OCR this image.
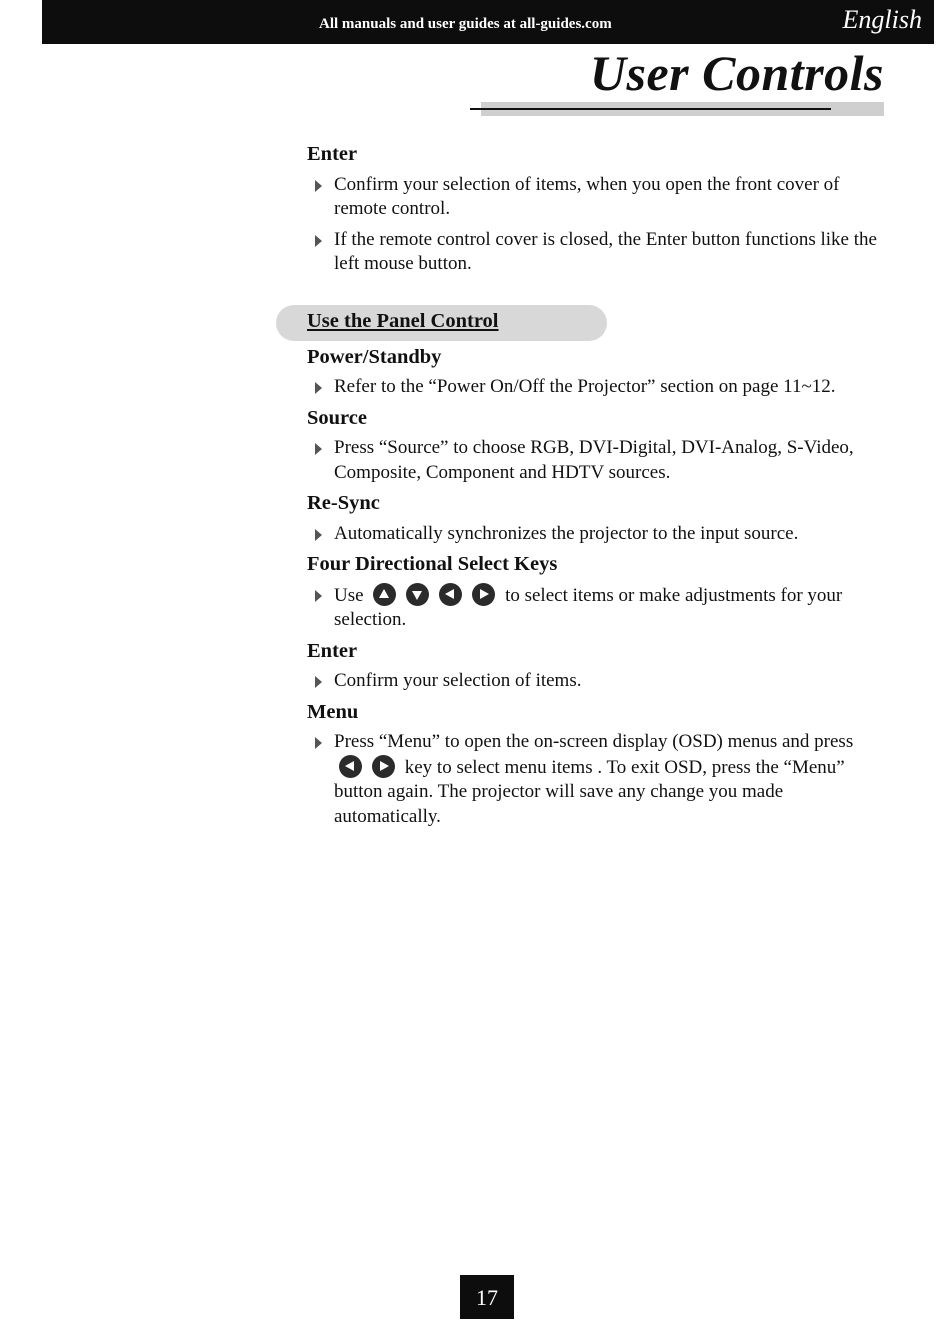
All manuals and user guides at all-guides.com	English
User Controls
Enter
Confirm your selection of items, when you open the front cover of remote control.
If the remote control cover is closed, the Enter button functions like the left mouse button.
Use the Panel Control
Power/Standby
Refer to the “Power On/Off the Projector” section on page 11~12.
Source
Press “Source” to choose RGB, DVI-Digital, DVI-Analog, S-Video, Composite, Component and HDTV sources.
Re-Sync
Automatically synchronizes the projector to the input source.
Four Directional Select Keys
Use	to select items or make adjustments for your selection.
Enter
Confirm your selection of items.
Menu
Press “Menu” to open the on-screen display (OSD) menus and press  key to select menu items . To exit OSD, press the “Menu” button again. The projector will save any change you made automatically.
17
